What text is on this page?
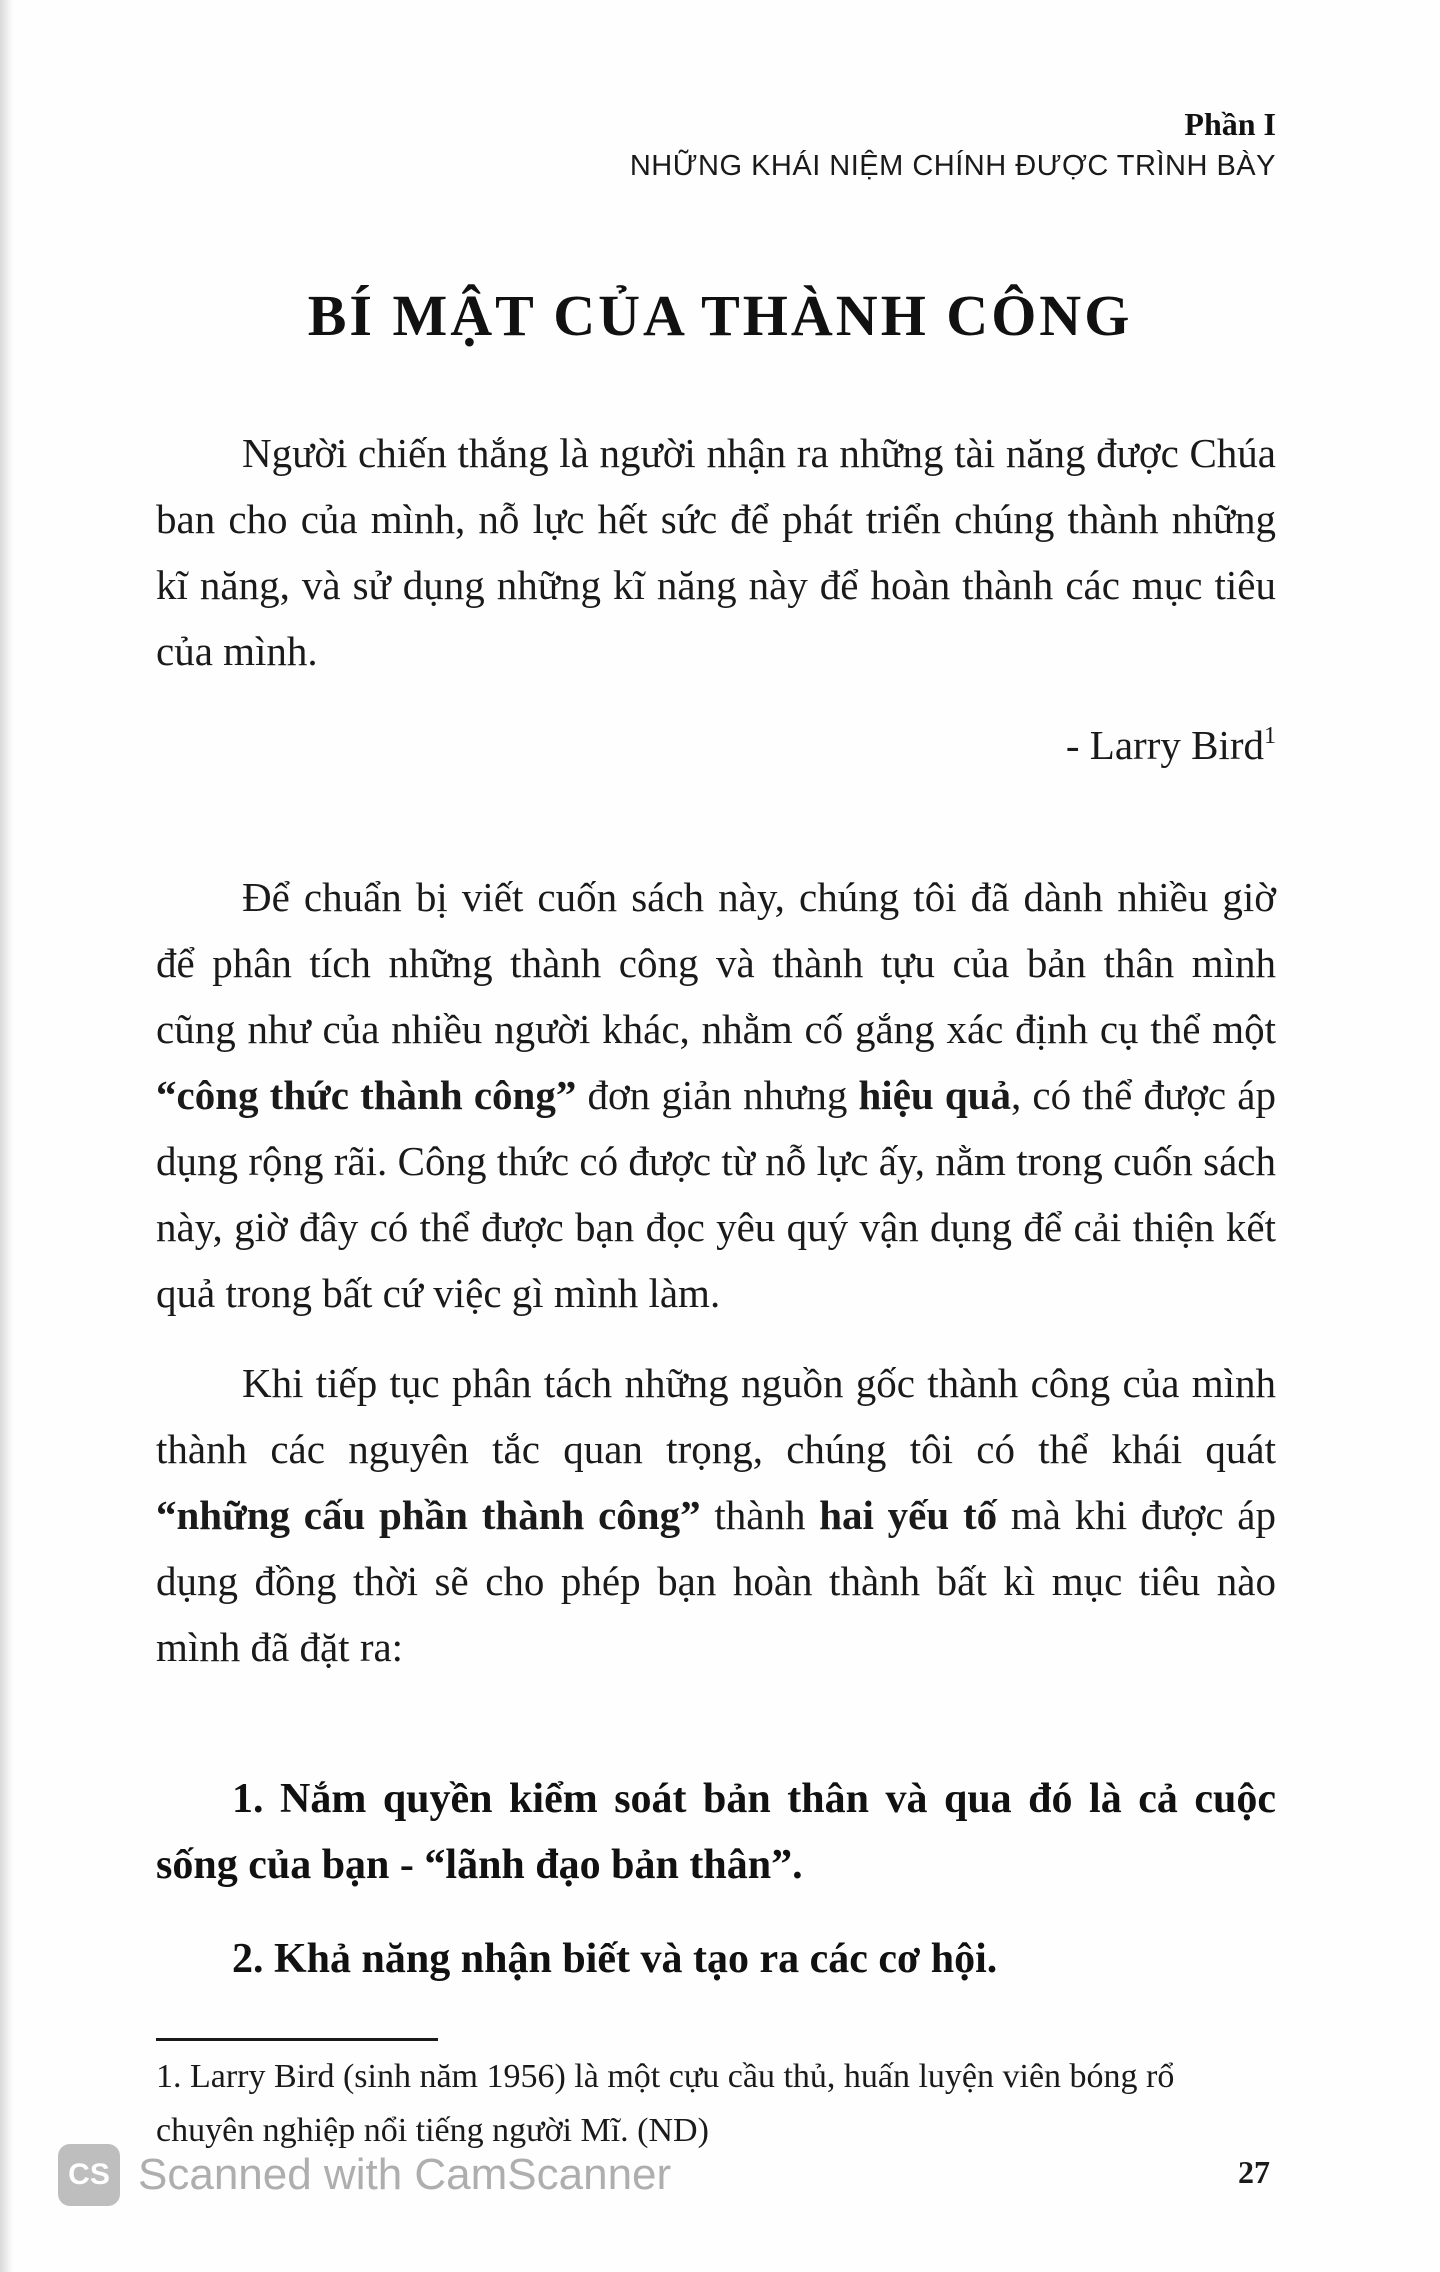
Phần I
NHỮNG KHÁI NIỆM CHÍNH ĐƯỢC TRÌNH BÀY
BÍ MẬT CỦA THÀNH CÔNG

Người chiến thắng là người nhận ra những tài năng được Chúa ban cho của mình, nỗ lực hết sức để phát triển chúng thành những kĩ năng, và sử dụng những kĩ năng này để hoàn thành các mục tiêu của mình.

- Larry Bird$^1$

Để chuẩn bị viết cuốn sách này, chúng tôi đã dành nhiều giờ để phân tích những thành công và thành tựu của bản thân mình cũng như của nhiều người khác, nhằm cố gắng xác định cụ thể một “công thức thành công” đơn giản nhưng hiệu quả, có thể được áp dụng rộng rãi. Công thức có được từ nỗ lực ấy, nằm trong cuốn sách này, giờ đây có thể được bạn đọc yêu quý vận dụng để cải thiện kết quả trong bất cứ việc gì mình làm.

Khi tiếp tục phân tách những nguồn gốc thành công của mình thành các nguyên tắc quan trọng, chúng tôi có thể khái quát “những cấu phần thành công” thành hai yếu tố mà khi được áp dụng đồng thời sẽ cho phép bạn hoàn thành bất kì mục tiêu nào mình đã đặt ra:

1. Nắm quyền kiểm soát bản thân và qua đó là cả cuộc sống của bạn - “lãnh đạo bản thân”.
2. Khả năng nhận biết và tạo ra các cơ hội.

1. Larry Bird (sinh năm 1956) là một cựu cầu thủ, huấn luyện viên bóng rổ chuyên nghiệp nổi tiếng người Mĩ. (ND)

CS Scanned with CamScanner	27
